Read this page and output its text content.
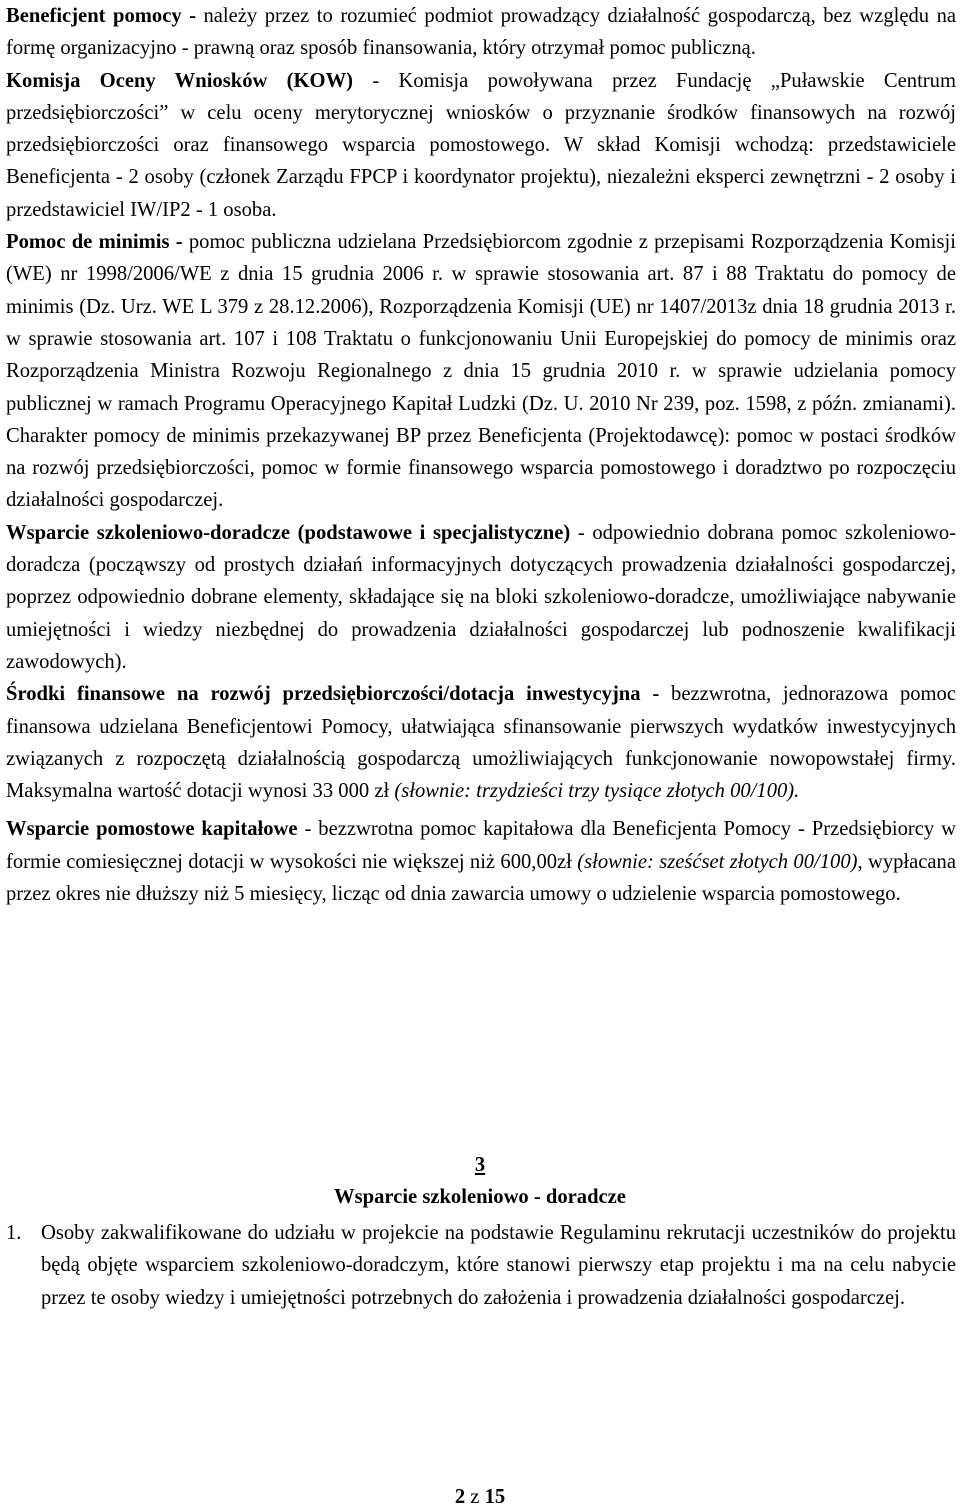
Beneficjent pomocy - należy przez to rozumieć podmiot prowadzący działalność gospodarczą, bez względu na formę organizacyjno - prawną oraz sposób finansowania, który otrzymał pomoc publiczną.

Komisja Oceny Wniosków (KOW) - Komisja powoływana przez Fundację „Puławskie Centrum przedsiębiorczości” w celu oceny merytorycznej wniosków o przyznanie środków finansowych na rozwój przedsiębiorczości oraz finansowego wsparcia pomostowego. W skład Komisji wchodzą: przedstawiciele Beneficjenta - 2 osoby (członek Zarządu FPCP i koordynator projektu), niezależni eksperci zewnętrzni - 2 osoby i przedstawiciel IW/IP2 - 1 osoba.

Pomoc de minimis - pomoc publiczna udzielana Przedsiębiorcom zgodnie z przepisami Rozporządzenia Komisji (WE) nr 1998/2006/WE z dnia 15 grudnia 2006 r. w sprawie stosowania art. 87 i 88 Traktatu do pomocy de minimis (Dz. Urz. WE L 379 z 28.12.2006), Rozporządzenia Komisji (UE) nr 1407/2013z dnia 18 grudnia 2013 r. w sprawie stosowania art. 107 i 108 Traktatu o funkcjonowaniu Unii Europejskiej do pomocy de minimis oraz Rozporządzenia Ministra Rozwoju Regionalnego z dnia 15 grudnia 2010 r. w sprawie udzielania pomocy publicznej w ramach Programu Operacyjnego Kapitał Ludzki (Dz. U. 2010 Nr 239, poz. 1598, z późn. zmianami). Charakter pomocy de minimis przekazywanej BP przez Beneficjenta (Projektodawcę): pomoc w postaci środków na rozwój przedsiębiorczości, pomoc w formie finansowego wsparcia pomostowego i doradztwo po rozpoczęciu działalności gospodarczej.

Wsparcie szkoleniowo-doradcze (podstawowe i specjalistyczne) - odpowiednio dobrana pomoc szkoleniowo-doradcza (począwszy od prostych działań informacyjnych dotyczących prowadzenia działalności gospodarczej, poprzez odpowiednio dobrane elementy, składające się na bloki szkoleniowo-doradcze, umożliwiające nabywanie umiejętności i wiedzy niezbędnej do prowadzenia działalności gospodarczej lub podnoszenie kwalifikacji zawodowych).

Środki finansowe na rozwój przedsiębiorczości/dotacja inwestycyjna - bezzwrotna, jednorazowa pomoc finansowa udzielana Beneficjentowi Pomocy, ułatwiająca sfinansowanie pierwszych wydatków inwestycyjnych związanych z rozpoczętą działalnością gospodarczą umożliwiających funkcjonowanie nowopowstałej firmy. Maksymalna wartość dotacji wynosi 33 000 zł (słownie: trzydzieści trzy tysiące złotych 00/100).

Wsparcie pomostowe kapitałowe - bezzwrotna pomoc kapitałowa dla Beneficjenta Pomocy - Przedsiębiorcy w formie comiesięcznej dotacji w wysokości nie większej niż 600,00zł (słownie: sześćset złotych 00/100), wypłacana przez okres nie dłuższy niż 5 miesięcy, licząc od dnia zawarcia umowy o udzielenie wsparcia pomostowego.

3
Wsparcie szkoleniowo - doradcze
1. Osoby zakwalifikowane do udziału w projekcie na podstawie Regulaminu rekrutacji uczestników do projektu będą objęte wsparciem szkoleniowo-doradczym, które stanowi pierwszy etap projektu i ma na celu nabycie przez te osoby wiedzy i umiejętności potrzebnych do założenia i prowadzenia działalności gospodarczej.
2 z 15
